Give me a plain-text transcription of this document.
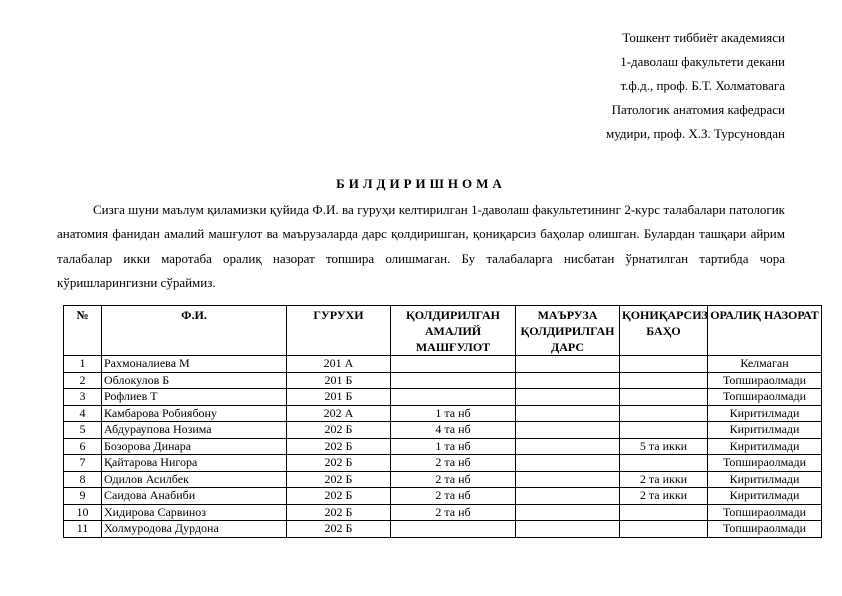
Тошкент тиббиёт академияси
1-даволаш факультети декани
т.ф.д., проф. Б.Т. Холматовага
Патологик анатомия кафедраси
мудири, проф. Х.З. Турсуновдан
БИЛДИРИШНОМА

Сизга шуни маълум қиламизки қуйида Ф.И. ва гуруҳи келтирилган 1-даволаш факультетининг 2-курс талабалари патологик анатомия фанидан амалий машғулот ва маърузаларда дарс қолдиришган, қониқарсиз баҳолар олишган. Булардан ташқари айрим талабалар икки маротаба оралиқ назорат топшира олишмаган. Бу талабаларга нисбатан ўрнатилган тартибда чора кўришларингизни сўраймиз.

№	Ф.И.	ГУРУХИ	ҚОЛДИРИЛГАН АМАЛИЙ МАШҒУЛОТ	МАЪРУЗА ҚОЛДИРИЛГАН ДАРС	ҚОНИҚАРСИЗ БАҲО	ОРАЛИҚ НАЗОРАТ
1	Рахмоналиева М	201 А				Келмаган
2	Облокулов Б	201 Б				Топшираолмади
3	Рофлиев Т	201 Б				Топшираолмади
4	Камбарова Робиябону	202 А	1 та нб			Киритилмади
5	Абдураупова Нозима	202 Б	4 та нб			Киритилмади
6	Бозорова Динара	202 Б	1 та нб		5 та икки	Киритилмади
7	Қайтарова Нигора	202 Б	2 та нб			Топшираолмади
8	Одилов Асилбек	202 Б	2 та нб		2 та икки	Киритилмади
9	Саидова Анабиби	202 Б	2 та нб		2 та икки	Киритилмади
10	Хидирова Сарвиноз	202 Б	2 та нб			Топшираолмади
11	Холмуродова Дурдона	202 Б				Топшираолмади
